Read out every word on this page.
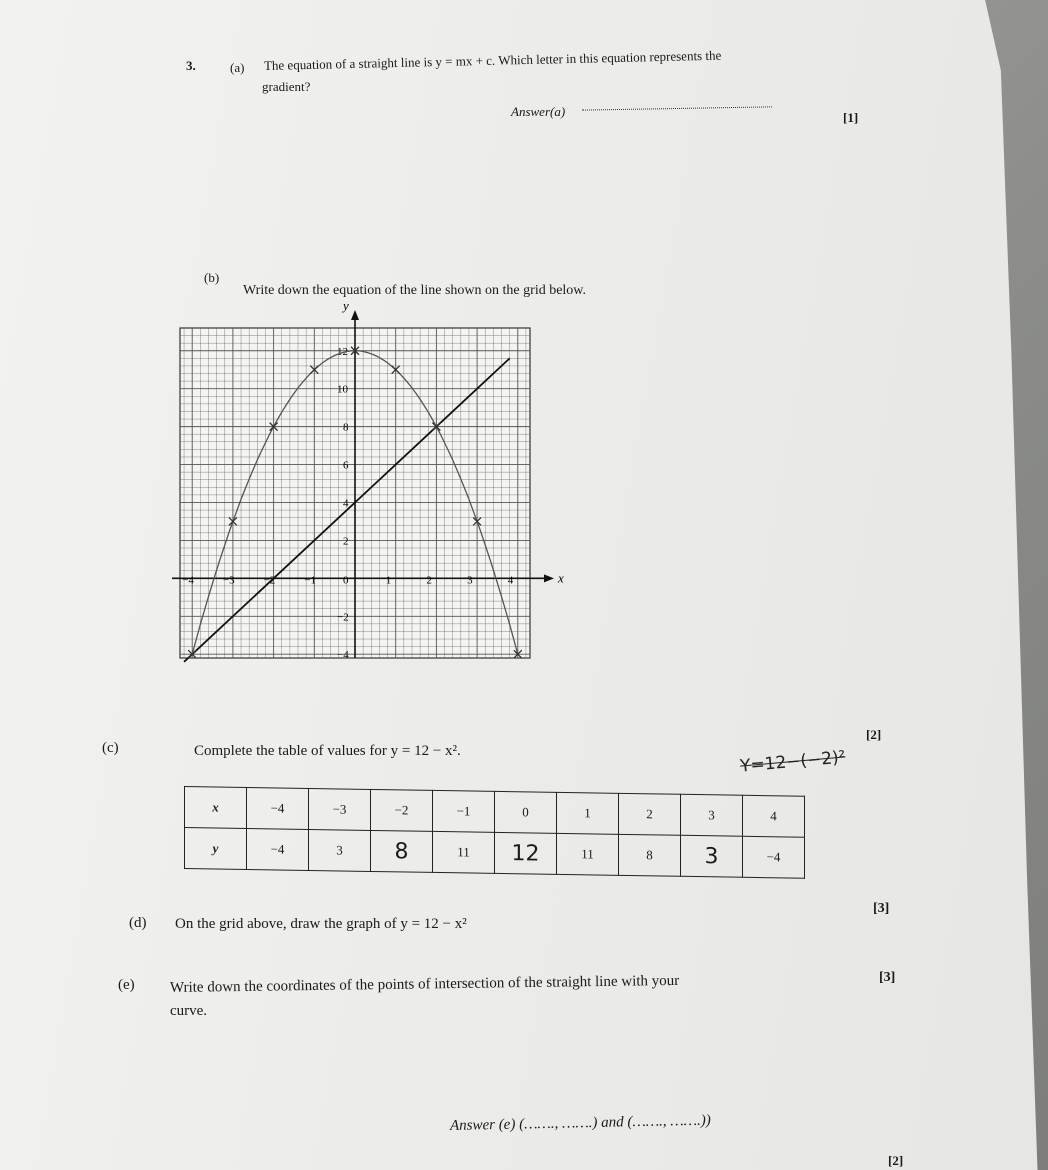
3.	(a) The equation of a straight line is y = mx + c. Which letter in this equation represents the
gradient?
Answer(a)	[1]
(b)
Write down the equation of the line shown on the grid below.
x
y
−4	−3	−2	−1 0	1	2	3	4
12
10
8
6
4
2
−2
−4
[2]
(c)	Complete the table of values for y = 12 − x².	Y=12−(−2)²
x	−4	−3	−2	−1	0	1	2	3	4
y	−4	3	8	11	12	11	8	3	−4
[3]
(d) On the grid above, draw the graph of y = 12 − x²
[3]
(e) Write down the coordinates of the points of intersection of the straight line with your
curve.
Answer (e) (……., …….) and (……., …….))
[2]
